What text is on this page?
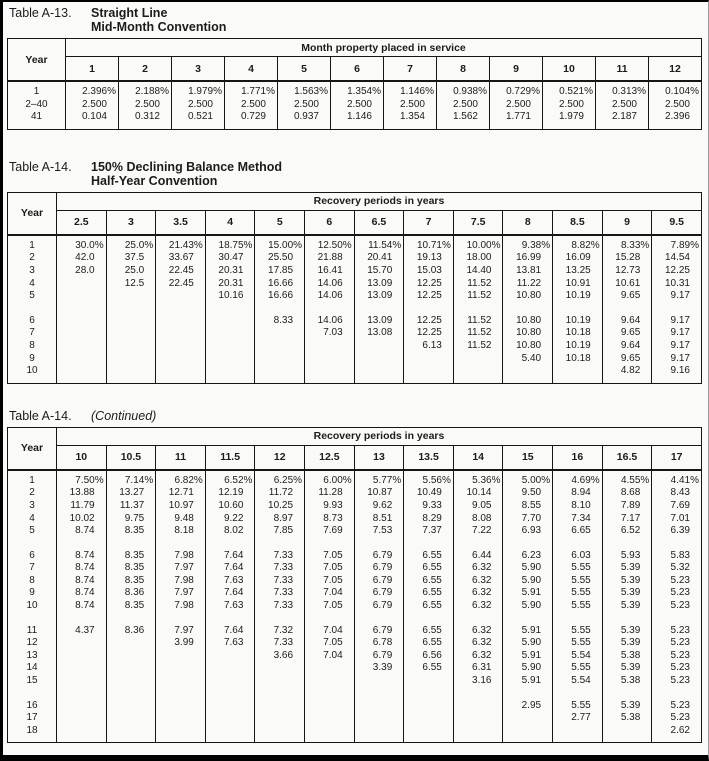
Table A-13.	Straight Line
Mid-Month Convention
Year	Month property placed in service											
	1	2	3	4	5	6	7	8	9	10	11	12
1	2.396%	2.188%	1.979%	1.771%	1.563%	1.354%	1.146%	0.938%	0.729%	0.521%	0.313%	0.104%
2–40	2.500	2.500	2.500	2.500	2.500	2.500	2.500	2.500	2.500	2.500	2.500	2.500
41	0.104	0.312	0.521	0.729	0.937	1.146	1.354	1.562	1.771	1.979	2.187	2.396
Table A-14.	150% Declining Balance Method
Half-Year Convention
Year	Recovery periods in years												
	2.5	3	3.5	4	5	6	6.5	7	7.5	8	8.5	9	9.5
1	30.0%	25.0%	21.43%	18.75%	15.00%	12.50%	11.54%	10.71%	10.00%	9.38%	8.82%	8.33%	7.89%
2	42.0	37.5	33.67	30.47	25.50	21.88	20.41	19.13	18.00	16.99	16.09	15.28	14.54
3	28.0	25.0	22.45	20.31	17.85	16.41	15.70	15.03	14.40	13.81	13.25	12.73	12.25
4		12.5	22.45	20.31	16.66	14.06	13.09	12.25	11.52	11.22	10.91	10.61	10.31
5				10.16	16.66	14.06	13.09	12.25	11.52	10.80	10.19	9.65	9.17

6					8.33	14.06	13.09	12.25	11.52	10.80	10.19	9.64	9.17
7						7.03	13.08	12.25	11.52	10.80	10.18	9.65	9.17
8								6.13	11.52	10.80	10.19	9.64	9.17
9										5.40	10.18	9.65	9.17
10												4.82	9.16
Table A-14.	(Continued)
Year	Recovery periods in years												
	10	10.5	11	11.5	12	12.5	13	13.5	14	15	16	16.5	17
1	7.50%	7.14%	6.82%	6.52%	6.25%	6.00%	5.77%	5.56%	5.36%	5.00%	4.69%	4.55%	4.41%
2	13.88	13.27	12.71	12.19	11.72	11.28	10.87	10.49	10.14	9.50	8.94	8.68	8.43
3	11.79	11.37	10.97	10.60	10.25	9.93	9.62	9.33	9.05	8.55	8.10	7.89	7.69
4	10.02	9.75	9.48	9.22	8.97	8.73	8.51	8.29	8.08	7.70	7.34	7.17	7.01
5	8.74	8.35	8.18	8.02	7.85	7.69	7.53	7.37	7.22	6.93	6.65	6.52	6.39

6	8.74	8.35	7.98	7.64	7.33	7.05	6.79	6.55	6.44	6.23	6.03	5.93	5.83
7	8.74	8.35	7.97	7.64	7.33	7.05	6.79	6.55	6.32	5.90	5.55	5.39	5.32
8	8.74	8.35	7.98	7.63	7.33	7.05	6.79	6.55	6.32	5.90	5.55	5.39	5.23
9	8.74	8.36	7.97	7.64	7.33	7.04	6.79	6.55	6.32	5.91	5.55	5.39	5.23
10	8.74	8.35	7.98	7.63	7.33	7.05	6.79	6.55	6.32	5.90	5.55	5.39	5.23

11	4.37	8.36	7.97	7.64	7.32	7.04	6.79	6.55	6.32	5.91	5.55	5.39	5.23
12			3.99	7.63	7.33	7.05	6.78	6.55	6.32	5.90	5.55	5.39	5.23
13					3.66	7.04	6.79	6.56	6.32	5.91	5.54	5.38	5.23
14							3.39	6.55	6.31	5.90	5.55	5.39	5.23
15									3.16	5.91	5.54	5.38	5.23

16										2.95	5.55	5.39	5.23
17											2.77	5.38	5.23
18													2.62
